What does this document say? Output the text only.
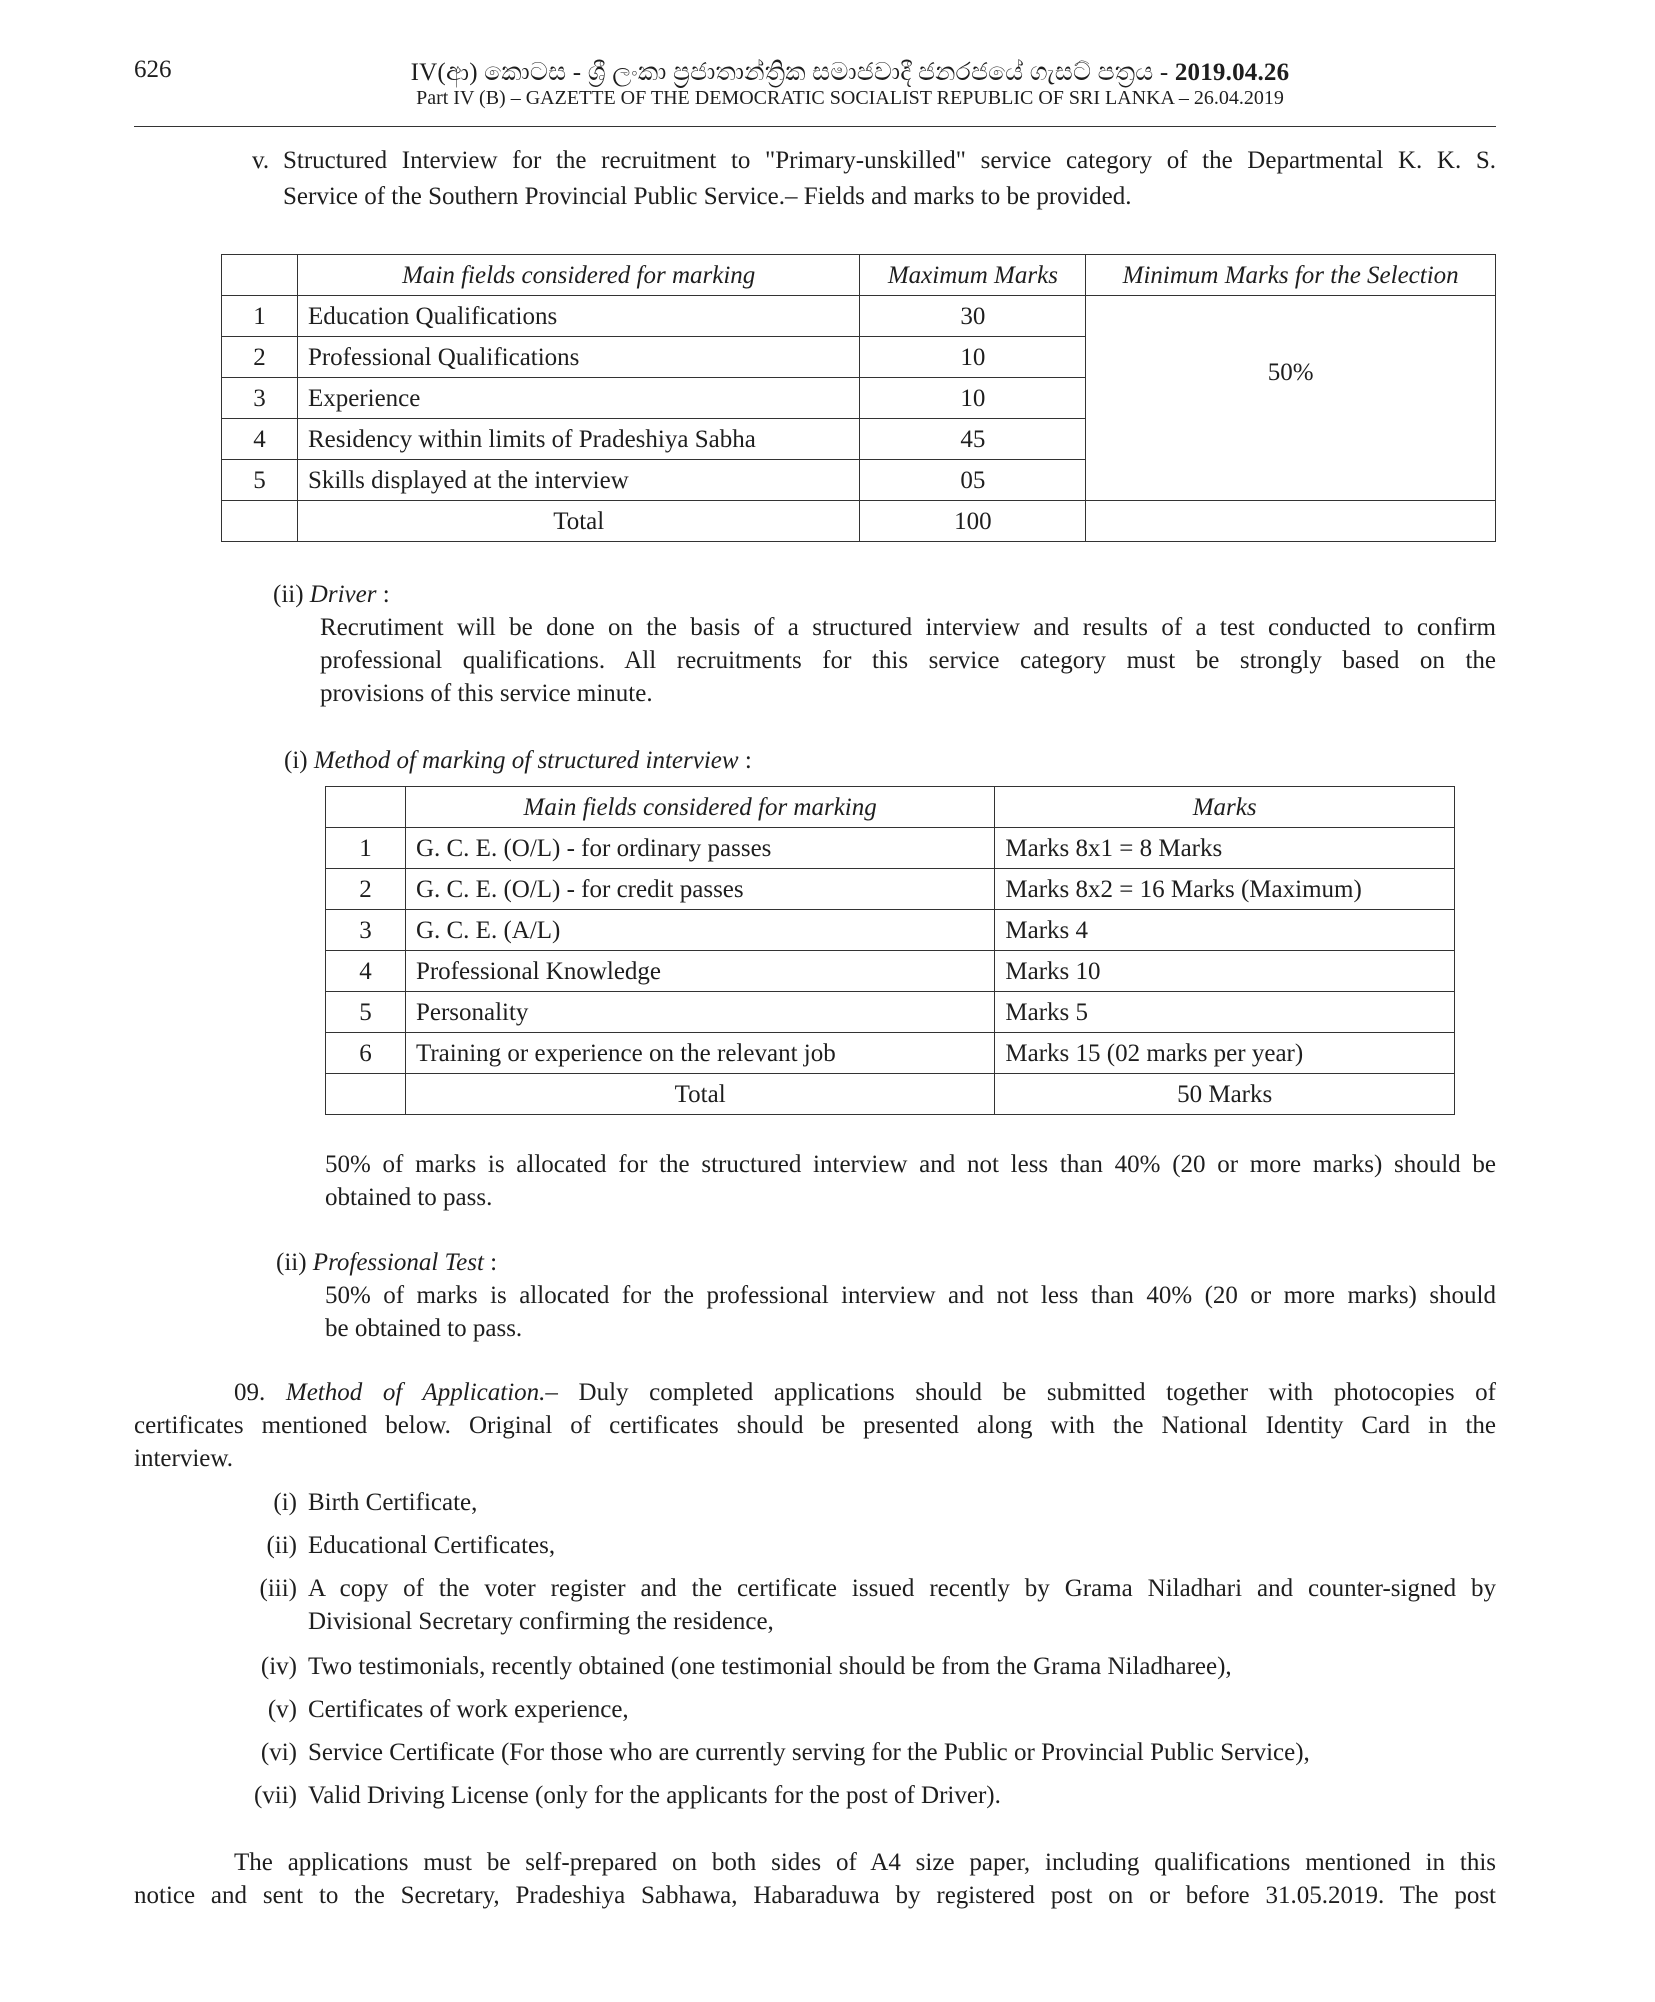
626	IV(ආ) කොටස - ශ්‍රී ලංකා ප්‍රජාතාන්ත්‍රික සමාජවාදී ජනරජයේ ගැසට් පත්‍රය - 2019.04.26
Part IV (B) – GAZETTE OF THE DEMOCRATIC SOCIALIST REPUBLIC OF SRI LANKA – 26.04.2019
v. Structured Interview for the recruitment to "Primary-unskilled" service category of the Departmental K. K. S.
Service of the Southern Provincial Public Service.– Fields and marks to be provided.
	Main fields considered for marking	Maximum Marks	Minimum Marks for the Selection
1	Education Qualifications	30	50%
2	Professional Qualifications	10	
3	Experience	10	
4	Residency within limits of Pradeshiya Sabha	45	
5	Skills displayed at the interview	05	
	Total	100	
(ii) Driver :
Recrutiment will be done on the basis of a structured interview and results of a test conducted to confirm
professional qualifications. All recruitments for this service category must be strongly based on the
provisions of this service minute.
(i) Method of marking of structured interview :
	Main fields considered for marking	Marks
1	G. C. E. (O/L) - for ordinary passes	Marks 8x1 = 8 Marks
2	G. C. E. (O/L) - for credit passes	Marks 8x2 = 16 Marks (Maximum)
3	G. C. E. (A/L)	Marks 4
4	Professional Knowledge	Marks 10
5	Personality	Marks 5
6	Training or experience on the relevant job	Marks 15 (02 marks per year)
	Total	50 Marks
50% of marks is allocated for the structured interview and not less than 40% (20 or more marks) should be
obtained to pass.
(ii) Professional Test :
50% of marks is allocated for the professional interview and not less than 40% (20 or more marks) should
be obtained to pass.
09. Method of Application.– Duly completed applications should be submitted together with photocopies of
certificates mentioned below. Original of certificates should be presented along with the National Identity Card in the
interview.
(i) Birth Certificate,
(ii) Educational Certificates,
(iii) A copy of the voter register and the certificate issued recently by Grama Niladhari and counter-signed by
Divisional Secretary confirming the residence,
(iv) Two testimonials, recently obtained (one testimonial should be from the Grama Niladharee),
(v) Certificates of work experience,
(vi) Service Certificate (For those who are currently serving for the Public or Provincial Public Service),
(vii) Valid Driving License (only for the applicants for the post of Driver).
The applications must be self-prepared on both sides of A4 size paper, including qualifications mentioned in this
notice and sent to the Secretary, Pradeshiya Sabhawa, Habaraduwa by registered post on or before 31.05.2019. The post
